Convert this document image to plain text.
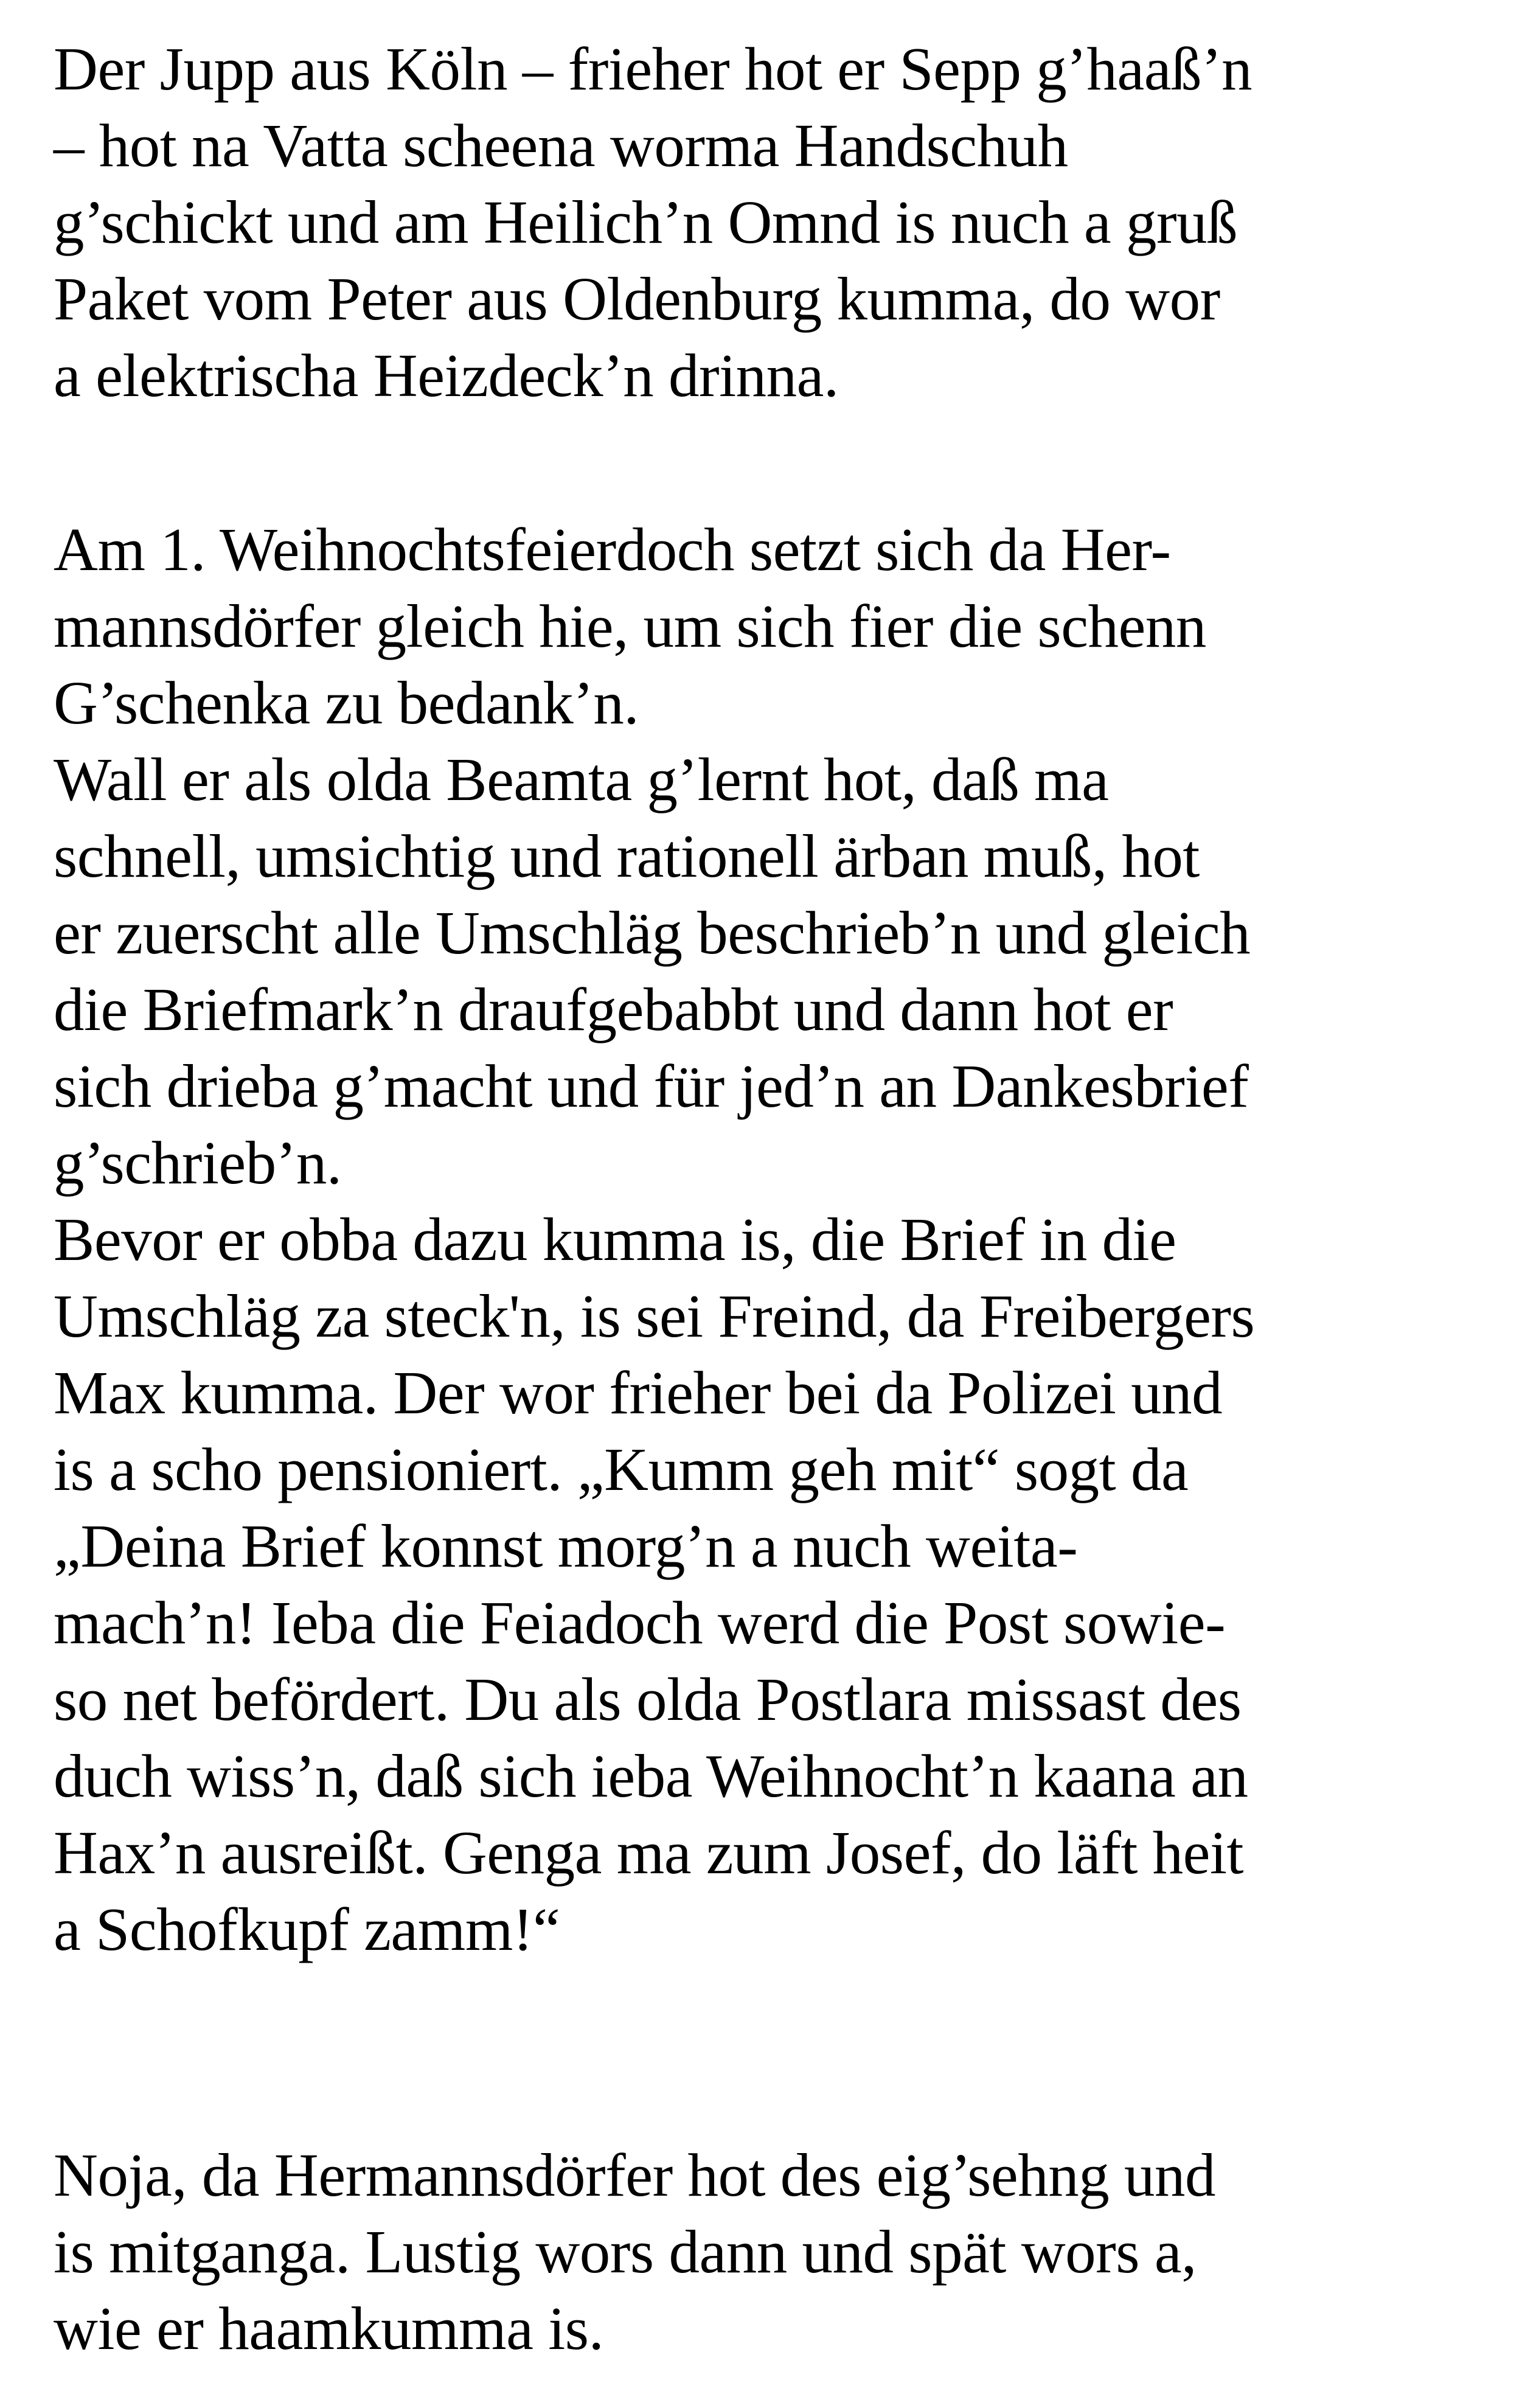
Der Jupp aus Köln – frieher hot er Sepp g’haaß’n
– hot na Vatta scheena worma Handschuh
g’schickt und am Heilich’n Omnd is nuch a gruß
Paket vom Peter aus Oldenburg kumma, do wor
a elektrischa Heizdeck’n drinna.

Am 1. Weihnochtsfeierdoch setzt sich da Her-
mannsdörfer gleich hie, um sich fier die schenn
G’schenka zu bedank’n.
Wall er als olda Beamta g’lernt hot, daß ma
schnell, umsichtig und rationell ärban muß, hot
er zuerscht alle Umschläg beschrieb’n und gleich
die Briefmark’n draufgebabbt und dann hot er
sich drieba g’macht und für jed’n an Dankesbrief
g’schrieb’n.
Bevor er obba dazu kumma is, die Brief in die
Umschläg za steck'n, is sei Freind, da Freibergers
Max kumma. Der wor frieher bei da Polizei und
is a scho pensioniert. „Kumm geh mit“ sogt da
„Deina Brief konnst morg’n a nuch weita-
mach’n! Ieba die Feiadoch werd die Post sowie-
so net befördert. Du als olda Postlara missast des
duch wiss’n, daß sich ieba Weihnocht’n kaana an
Hax’n ausreißt. Genga ma zum Josef, do läft heit
a Schofkupf zamm!“

Noja, da Hermannsdörfer hot des eig’sehng und
is mitganga. Lustig wors dann und spät wors a,
wie er haamkumma is.
